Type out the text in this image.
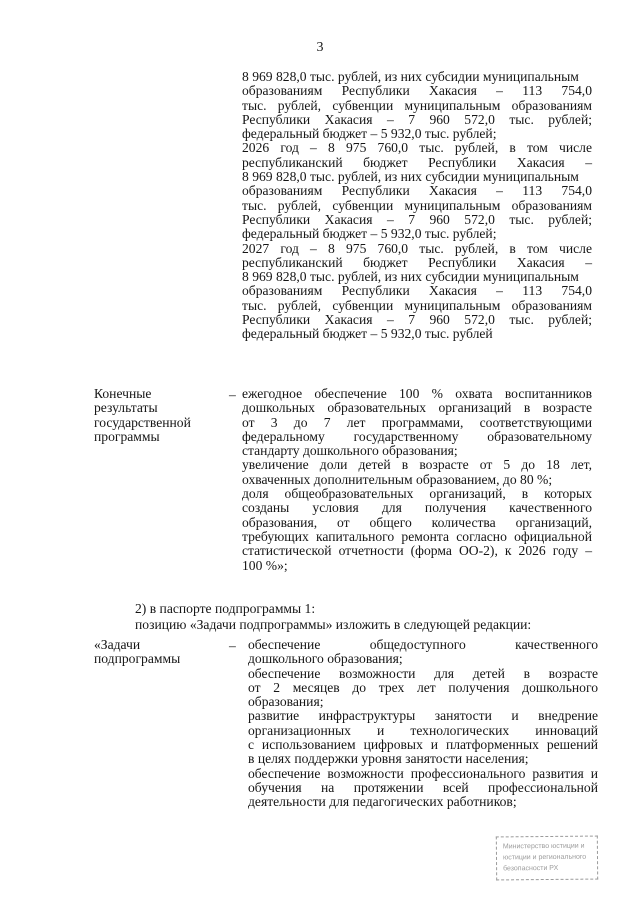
3
8 969 828,0 тыс. рублей, из них субсидии муниципальным
образованиям Республики Хакасия – 113 754,0
тыс. рублей, субвенции муниципальным образованиям
Республики Хакасия – 7 960 572,0 тыс. рублей;
федеральный бюджет – 5 932,0 тыс. рублей;
2026 год – 8 975 760,0 тыс. рублей, в том числе
республиканский бюджет Республики Хакасия –
8 969 828,0 тыс. рублей, из них субсидии муниципальным
образованиям Республики Хакасия – 113 754,0
тыс. рублей, субвенции муниципальным образованиям
Республики Хакасия – 7 960 572,0 тыс. рублей;
федеральный бюджет – 5 932,0 тыс. рублей;
2027 год – 8 975 760,0 тыс. рублей, в том числе
республиканский бюджет Республики Хакасия –
8 969 828,0 тыс. рублей, из них субсидии муниципальным
образованиям Республики Хакасия – 113 754,0
тыс. рублей, субвенции муниципальным образованиям
Республики Хакасия – 7 960 572,0 тыс. рублей;
федеральный бюджет – 5 932,0 тыс. рублей
Конечные
результаты
государственной
программы
– ежегодное обеспечение 100 % охвата воспитанников
дошкольных образовательных организаций в возрасте
от 3 до 7 лет программами, соответствующими
федеральному государственному образовательному
стандарту дошкольного образования;
увеличение доли детей в возрасте от 5 до 18 лет,
охваченных дополнительным образованием, до 80 %;
доля общеобразовательных организаций, в которых
созданы условия для получения качественного
образования, от общего количества организаций,
требующих капитального ремонта согласно официальной
статистической отчетности (форма ОО-2), к 2026 году –
100 %»;
2) в паспорте подпрограммы 1:
позицию «Задачи подпрограммы» изложить в следующей редакции:
«Задачи
подпрограммы
– обеспечение общедоступного качественного
дошкольного образования;
обеспечение возможности для детей в возрасте
от 2 месяцев до трех лет получения дошкольного
образования;
развитие инфраструктуры занятости и внедрение
организационных и технологических инноваций
с использованием цифровых и платформенных решений
в целях поддержки уровня занятости населения;
обеспечение возможности профессионального развития и
обучения на протяжении всей профессиональной
деятельности для педагогических работников;
Министерство юстиции и
юстиции и регионального
безопасности РХ
